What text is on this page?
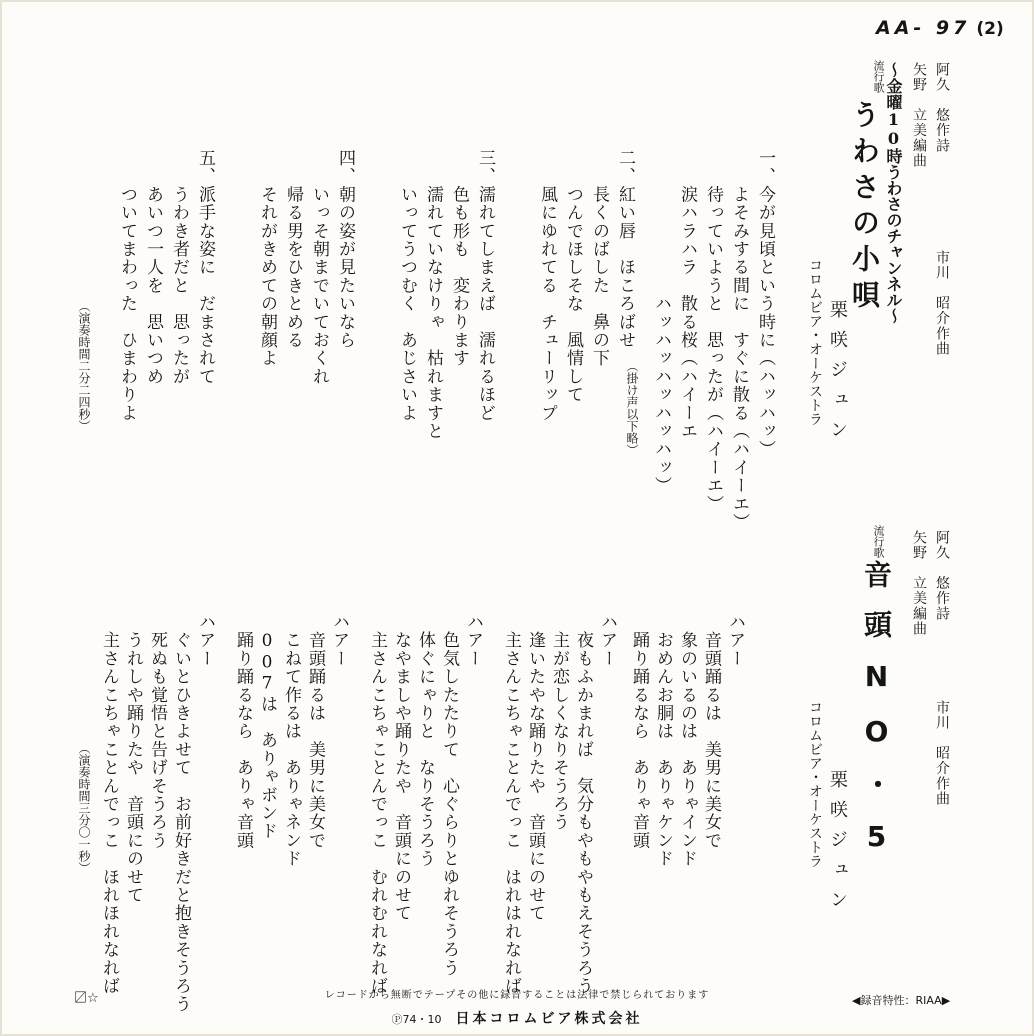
AA- 97 (2)
阿久　悠作詩
市川　昭介作曲
矢野　立美編曲
流行歌 〜金曜10時うわさのチャンネル〜
うわさの小唄
栗咲ジュン
コロムビア・オーケストラ

一、今が見頃という時に（ハッハッ）

　　よそみする間に　すぐに散る（ハイーエ）

　　待っていようと　思ったが（ハイーエ）

　　涙ハラハラ　散る桜（ハイーエ

　　　　　　　　ハッハッハッハッハッ）

（掛け声以下略）

二、紅い唇　ほころばせ

　　長くのばした　鼻の下

　　つんでほしそな　風情して

　　風にゆれてる　チューリップ

三、濡れてしまえば　濡れるほど

　　色も形も　変わります

　　濡れていなけりゃ　枯れますと

　　いってうつむく　あじさいよ

四、朝の姿が見たいなら

　　いっそ朝までいておくれ

　　帰る男をひきとめる

　　それがきめての朝顔よ

五、派手な姿に　だまされて

　　うわき者だと　思ったが

　　あいつ一人を　思いつめ

　　ついてまわった　ひまわりよ

（演奏時間二分二四秒）
阿久　悠作詩
市川　昭介作曲
矢野　立美編曲
流行歌
音頭NO・5
栗咲ジュン
コロムビア・オーケストラ

ハアー

　音頭踊るは　美男に美女で

　象のいるのは　ありゃインド

　おめんお胴は　ありゃケンド

　踊り踊るなら　ありゃ音頭

ハアー

　夜もふかまれば　気分もやもやもえそうろう

　主が恋しくなりそうろう

　逢いたやな踊りたや　音頭にのせて

　主さんこちゃことんでっこ　はれはれなれば

ハアー

　色気したたりて　心ぐらりとゆれそうろう

　体ぐにゃりと　なりそうろう

　なやましや踊りたや　音頭にのせて

　主さんこちゃことんでっこ　むれむれなれば

ハアー

　音頭踊るは　美男に美女で

　こねて作るは　ありゃネンド

　007は　ありゃボンド

　踊り踊るなら　ありゃ音頭

ハアー

　ぐいとひきよせて　お前好きだと抱きそうろう

　死ぬも覚悟と告げそうろう

　うれしや踊りたや　音頭にのせて

　主さんこちゃことんでっこ　ほれほれなれば

（演奏時間三分〇一秒）
〼☆	レコードから無断でテープその他に録音することは法律で禁じられております	◀録音特性：RIAA▶
Ⓟ74・10 日本コロムビア株式会社
